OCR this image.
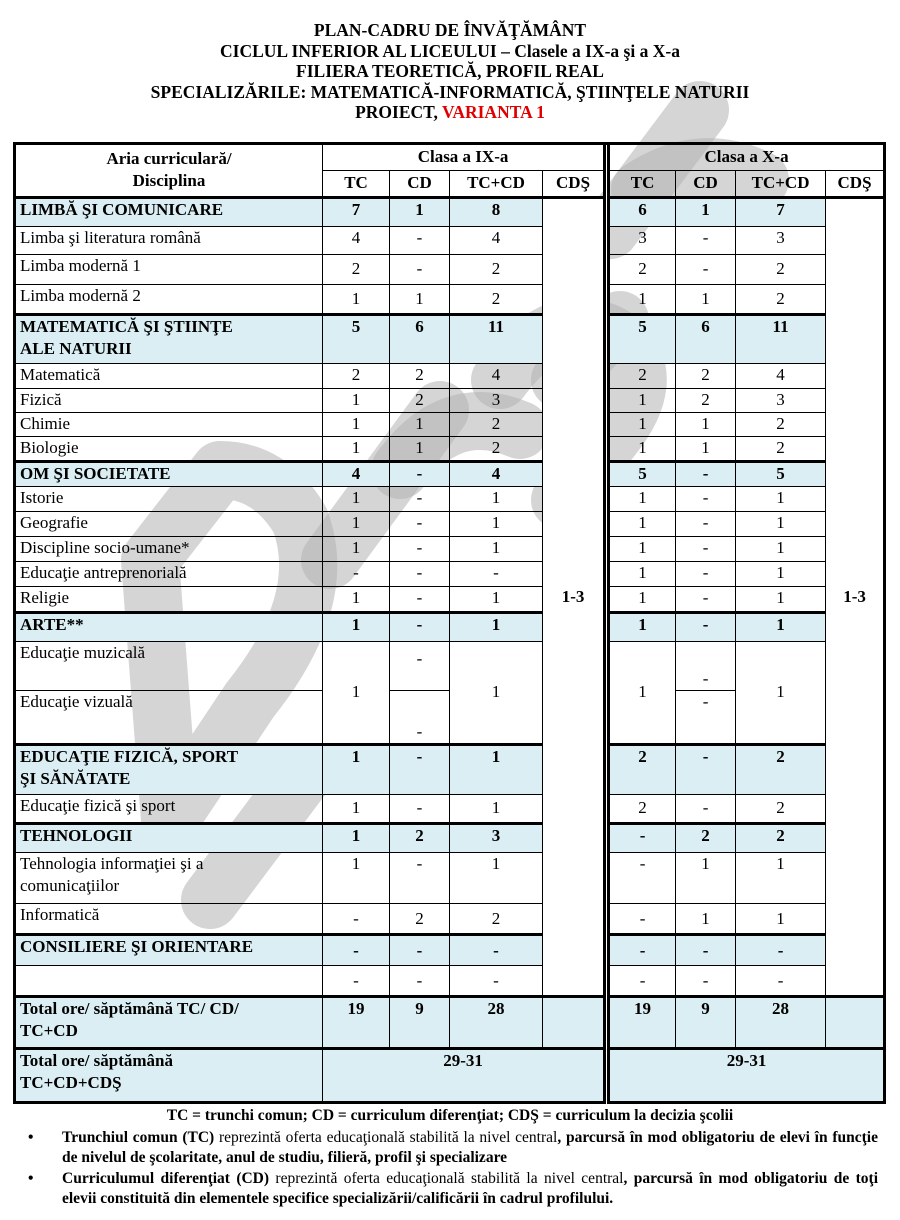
PLAN-CADRU DE ÎNVĂŢĂMÂNT
CICLUL INFERIOR AL LICEULUI – Clasele a IX-a şi a X-a
FILIERA TEORETICĂ, PROFIL REAL
SPECIALIZĂRILE: MATEMATICĂ-INFORMATICĂ, ŞTIINŢELE NATURII
PROIECT, VARIANTA 1
Aria curriculară/
Disciplina	Clasa a IX-a					Clasa a X-a			
	TC	CD	TC+CD	CDŞ		TC	CD	TC+CD	CDŞ
LIMBĂ ŞI COMUNICARE	7	1	8	1-3		6	1	7	1-3
Limba şi literatura română	4	-	4			3	-	3	
Limba modernă 1	2	-	2			2	-	2	
Limba modernă 2	1	1	2			1	1	2	

MATEMATICĂ ŞI ŞTIINŢE
ALE NATURII	5	6	11			5	6	11	
Matematică	2	2	4			2	2	4	
Fizică	1	2	3			1	2	3	
Chimie	1	1	2			1	1	2	
Biologie	1	1	2			1	1	2	
OM ŞI SOCIETATE	4	-	4			5	-	5	
Istorie	1	-	1			1	-	1	
Geografie	1	-	1			1	-	1	
Discipline socio-umane*	1	-	1			1	-	1	
Educaţie antreprenorială	-	-	-			1	-	1	
Religie	1	-	1			1	-	1	
ARTE**	1	-	1			1	-	1	
Educaţie muzicală	1	-	1			1	-	1	
Educaţie vizuală		-					-		

EDUCAŢIE FIZICĂ, SPORT
ŞI SĂNĂTATE	1	-	1			2	-	2	
Educaţie fizică şi sport	1	-	1			2	-	2	
TEHNOLOGII	1	2	3			-	2	2	

Tehnologia informaţiei şi a
comunicaţiilor	1	-	1			-	1	1	
Informatică	-	2	2			-	1	1	
CONSILIERE ŞI ORIENTARE	-	-	-			-	-	-	
	-	-	-			-	-	-	

Total ore/ săptămână TC/ CD/
TC+CD	19	9	28			19	9	28	

Total ore/ săptămână
TC+CD+CDŞ	29-31					29-31			
TC = trunchi comun; CD = curriculum diferenţiat; CDŞ = curriculum la decizia şcolii
• Trunchiul comun (TC) reprezintă oferta educaţională stabilită la nivel central, parcursă în mod obligatoriu de elevi în funcţie de nivelul de şcolaritate, anul de studiu, filieră, profil şi specializare
• Curriculumul diferenţiat (CD) reprezintă oferta educaţională stabilită la nivel central, parcursă în mod obligatoriu de toţi elevii constituită din elementele specifice specializării/calificării în cadrul profilului.
